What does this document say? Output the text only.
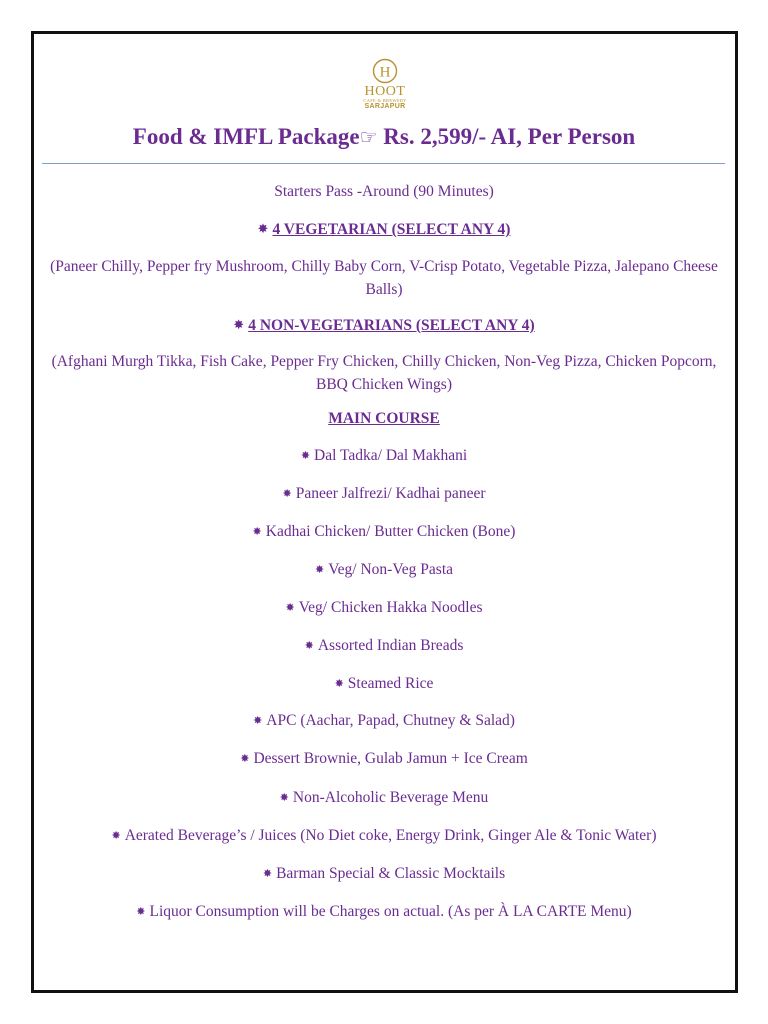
H
HOOT
CAFE & BREWERY
SARJAPUR
Food & IMFL Package☞ Rs. 2,599/- AI, Per Person
Starters Pass -Around (90 Minutes)
✸ 4 VEGETARIAN (SELECT ANY 4)
(Paneer Chilly, Pepper fry Mushroom, Chilly Baby Corn, V-Crisp Potato, Vegetable Pizza, Jalepano Cheese Balls)
✸ 4 NON-VEGETARIANS (SELECT ANY 4)
(Afghani Murgh Tikka, Fish Cake, Pepper Fry Chicken, Chilly Chicken, Non-Veg Pizza, Chicken Popcorn, BBQ Chicken Wings)
MAIN COURSE
✸ Dal Tadka/ Dal Makhani
✸ Paneer Jalfrezi/ Kadhai paneer
✸ Kadhai Chicken/ Butter Chicken (Bone)
✸ Veg/ Non-Veg Pasta
✸ Veg/ Chicken Hakka Noodles
✸ Assorted Indian Breads
✸ Steamed Rice
✸ APC (Aachar, Papad, Chutney & Salad)
✸ Dessert Brownie, Gulab Jamun + Ice Cream
✸ Non-Alcoholic Beverage Menu
✸ Aerated Beverage’s / Juices (No Diet coke, Energy Drink, Ginger Ale & Tonic Water)
✸ Barman Special & Classic Mocktails
✸ Liquor Consumption will be Charges on actual. (As per À LA CARTE Menu)
